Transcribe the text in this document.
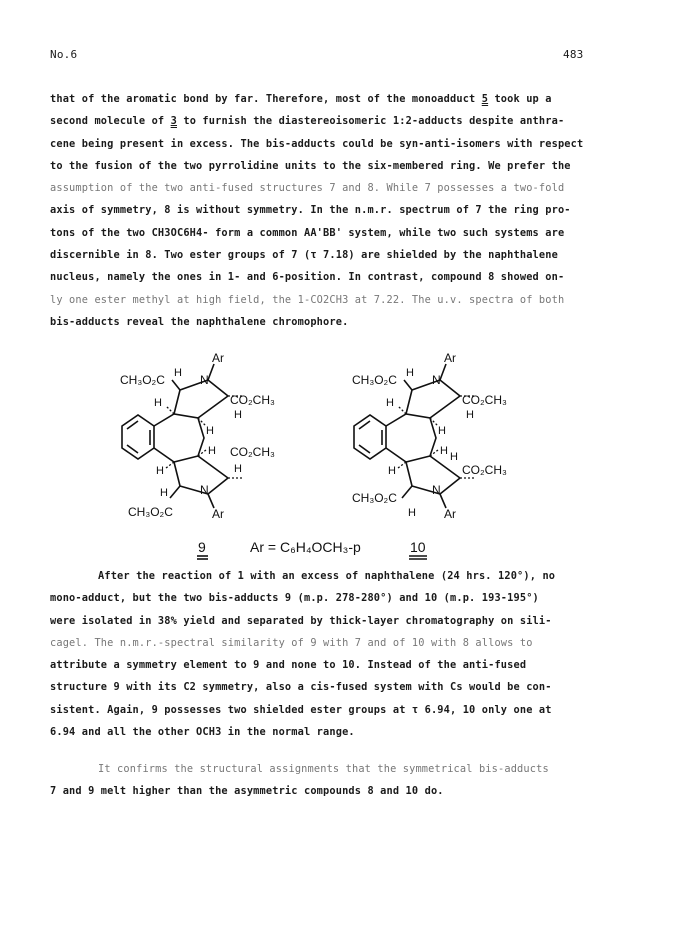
No.6	483
that of the aromatic bond by far. Therefore, most of the monoadduct 5 took up a
second molecule of 3 to furnish the diastereoisomeric 1:2-adducts despite anthra-
cene being present in excess. The bis-adducts could be syn-anti-isomers with respect
to the fusion of the two pyrrolidine units to the six-membered ring. We prefer the
assumption of the two anti-fused structures 7 and 8. While 7 possesses a two-fold
axis of symmetry, 8 is without symmetry. In the n.m.r. spectrum of 7 the ring pro-
tons of the two CH3OC6H4- form a common AA'BB' system, while two such systems are
discernible in 8. Two ester groups of 7 (τ 7.18) are shielded by the naphthalene
nucleus, namely the ones in 1- and 6-position. In contrast, compound 8 showed on-
ly one ester methyl at high field, the 1-CO2CH3 at 7.22. The u.v. spectra of both
bis-adducts reveal the naphthalene chromophore.
Ar
N
H
CH₃O₂C
CO₂CH₃
H
H
H
H CO₂CH₃
H
H
H	N
CH₃O₂C	Ar
Ar
N
H
CH₃O₂C
CO₂CH₃
H
H
H
H
CO₂CH₃
H
H
N
CH₃O₂C
H Ar
9	Ar = C₆H₄OCH₃-p	10
After the reaction of 1 with an excess of naphthalene (24 hrs. 120°), no
mono-adduct, but the two bis-adducts 9 (m.p. 278-280°) and 10 (m.p. 193-195°)
were isolated in 38% yield and separated by thick-layer chromatography on sili-
cagel. The n.m.r.-spectral similarity of 9 with 7 and of 10 with 8 allows to
attribute a symmetry element to 9 and none to 10. Instead of the anti-fused
structure 9 with its C2 symmetry, also a cis-fused system with Cs would be con-
sistent. Again, 9 possesses two shielded ester groups at τ 6.94, 10 only one at
6.94 and all the other OCH3 in the normal range.
It confirms the structural assignments that the symmetrical bis-adducts
7 and 9 melt higher than the asymmetric compounds 8 and 10 do.
